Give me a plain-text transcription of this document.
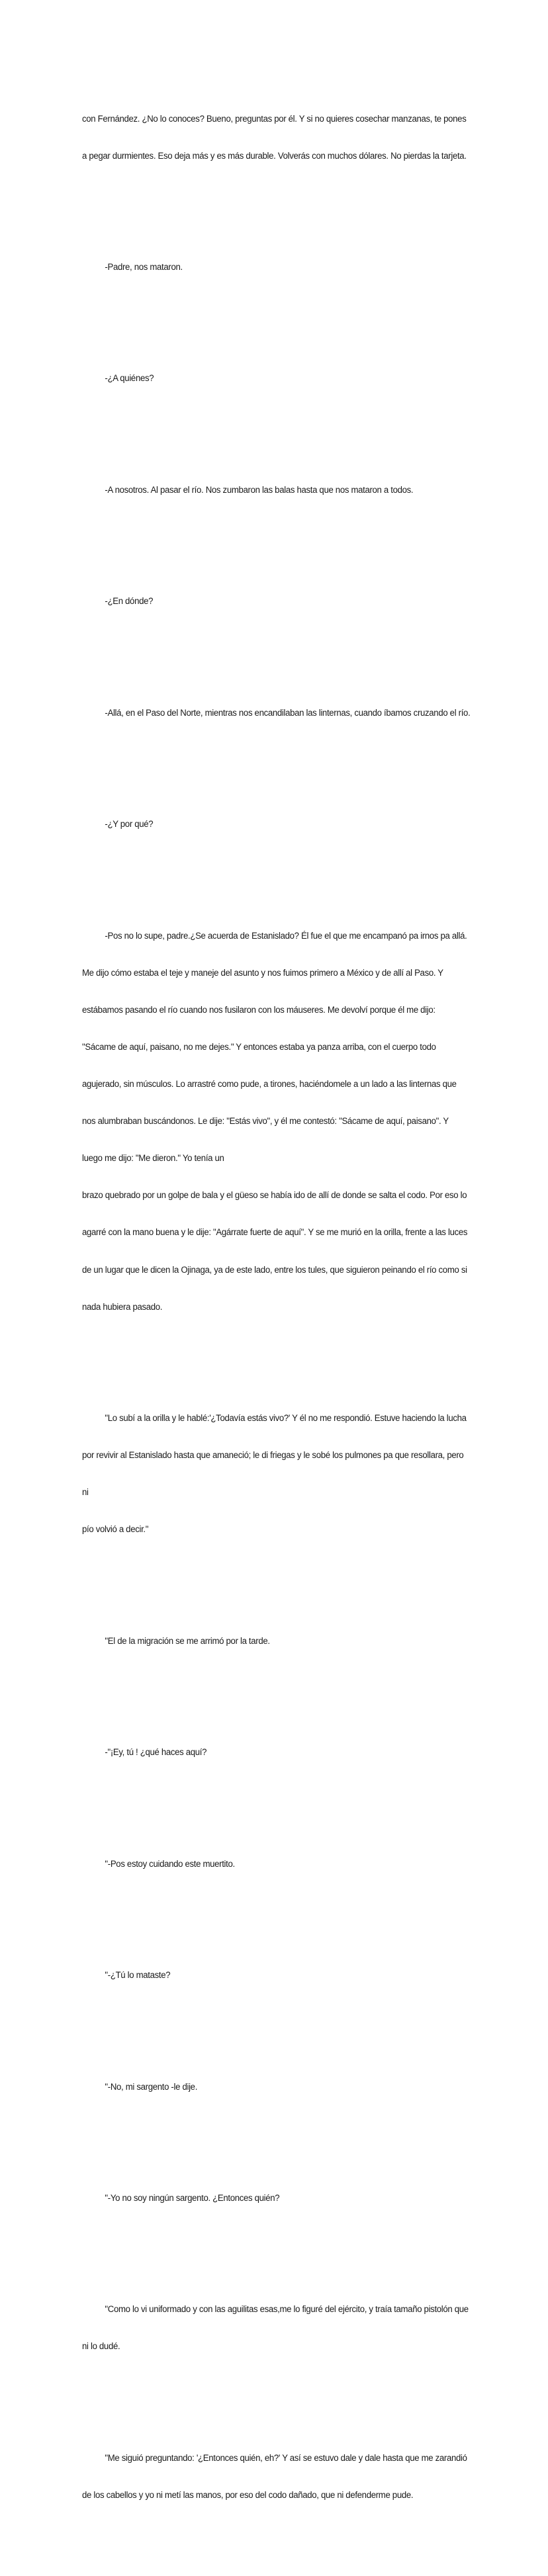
con Fernández. ¿No lo conoces? Bueno, preguntas por él. Y si no quieres cosechar manzanas, te pones

a pegar durmientes. Eso deja más y es más durable. Volverás con muchos dólares. No pierdas la tarjeta.

-Padre, nos mataron.

-¿A quiénes?

-A nosotros. Al pasar el río. Nos zumbaron las balas hasta que nos mataron a todos.

-¿En dónde?

-Allá, en el Paso del Norte, mientras nos encandilaban las linternas, cuando íbamos cruzando el río.

-¿Y por qué?

-Pos no lo supe, padre.¿Se acuerda de Estanislado? Él fue el que me encampanó pa irnos pa allá.

Me dijo cómo estaba el teje y maneje del asunto y nos fuimos primero a México y de allí al Paso. Y

estábamos pasando el río cuando nos fusilaron con los máuseres. Me devolví porque él me dijo:

"Sácame de aquí, paisano, no me dejes." Y entonces estaba ya panza arriba, con el cuerpo todo

agujerado, sin músculos. Lo arrastré como pude, a tirones, haciéndomele a un lado a las linternas que

nos alumbraban buscándonos. Le dije: "Estás vivo", y él me contestó: "Sácame de aquí, paisano". Y

luego me dijo: "Me dieron." Yo tenía un

brazo quebrado por un golpe de bala y el güeso se había ido de allí de donde se salta el codo. Por eso lo

agarré con la mano buena y le dije: "Agárrate fuerte de aquí". Y se me murió en la orilla, frente a las luces

de un lugar que le dicen la Ojinaga, ya de este lado, entre los tules, que siguieron peinando el río como si

nada hubiera pasado.

"Lo subí a la orilla y le hablé:'¿Todavía estás vivo?' Y él no me respondió. Estuve haciendo la lucha

por revivir al Estanislado hasta que amaneció; le di friegas y le sobé los pulmones pa que resollara, pero

ni

pío volvió a decir."

"El de la migración se me arrimó por la tarde.

-"¡Ey, tú ! ¿qué haces aquí?

"-Pos estoy cuidando este muertito.

"-¿Tú lo mataste?

"-No, mi sargento -le dije.

"-Yo no soy ningún sargento. ¿Entonces quién?

"Como lo vi uniformado y con las aguilitas esas,me lo figuré del ejército, y traía tamaño pistolón que

ni lo dudé.

"Me siguió preguntando: '¿Entonces quién, eh?' Y así se estuvo dale y dale hasta que me zarandió

de los cabellos y yo ni metí las manos, por eso del codo dañado, que ni defenderme pude.
